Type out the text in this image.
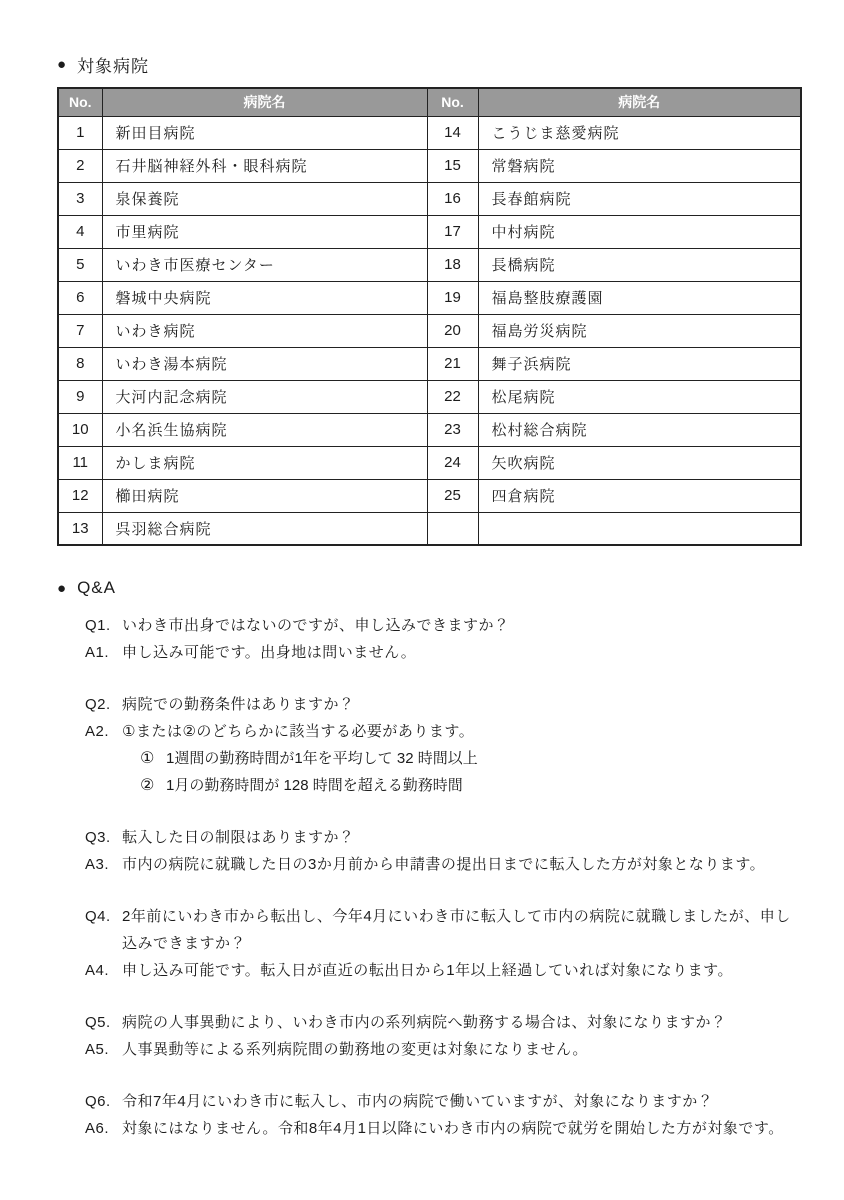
● 対象病院
No.	病院名	No.	病院名
1	新田目病院	14	こうじま慈愛病院
2	石井脳神経外科・眼科病院	15	常磐病院
3	泉保養院	16	長春館病院
4	市里病院	17	中村病院
5	いわき市医療センター	18	長橋病院
6	磐城中央病院	19	福島整肢療護園
7	いわき病院	20	福島労災病院
8	いわき湯本病院	21	舞子浜病院
9	大河内記念病院	22	松尾病院
10	小名浜生協病院	23	松村総合病院
11	かしま病院	24	矢吹病院
12	櫛田病院	25	四倉病院
13	呉羽総合病院		
● Q&A
Q1. いわき市出身ではないのですが、申し込みできますか？
A1. 申し込み可能です。出身地は問いません。
Q2. 病院での勤務条件はありますか？
A2. ①または②のどちらかに該当する必要があります。
① 1週間の勤務時間が1年を平均して 32 時間以上
② 1月の勤務時間が 128 時間を超える勤務時間
Q3. 転入した日の制限はありますか？
A3. 市内の病院に就職した日の3か月前から申請書の提出日までに転入した方が対象となります。
Q4. 2年前にいわき市から転出し、今年4月にいわき市に転入して市内の病院に就職しましたが、申し込みできますか？
A4. 申し込み可能です。転入日が直近の転出日から1年以上経過していれば対象になります。
Q5. 病院の人事異動により、いわき市内の系列病院へ勤務する場合は、対象になりますか？
A5. 人事異動等による系列病院間の勤務地の変更は対象になりません。
Q6. 令和7年4月にいわき市に転入し、市内の病院で働いていますが、対象になりますか？
A6. 対象にはなりません。令和8年4月1日以降にいわき市内の病院で就労を開始した方が対象です。
